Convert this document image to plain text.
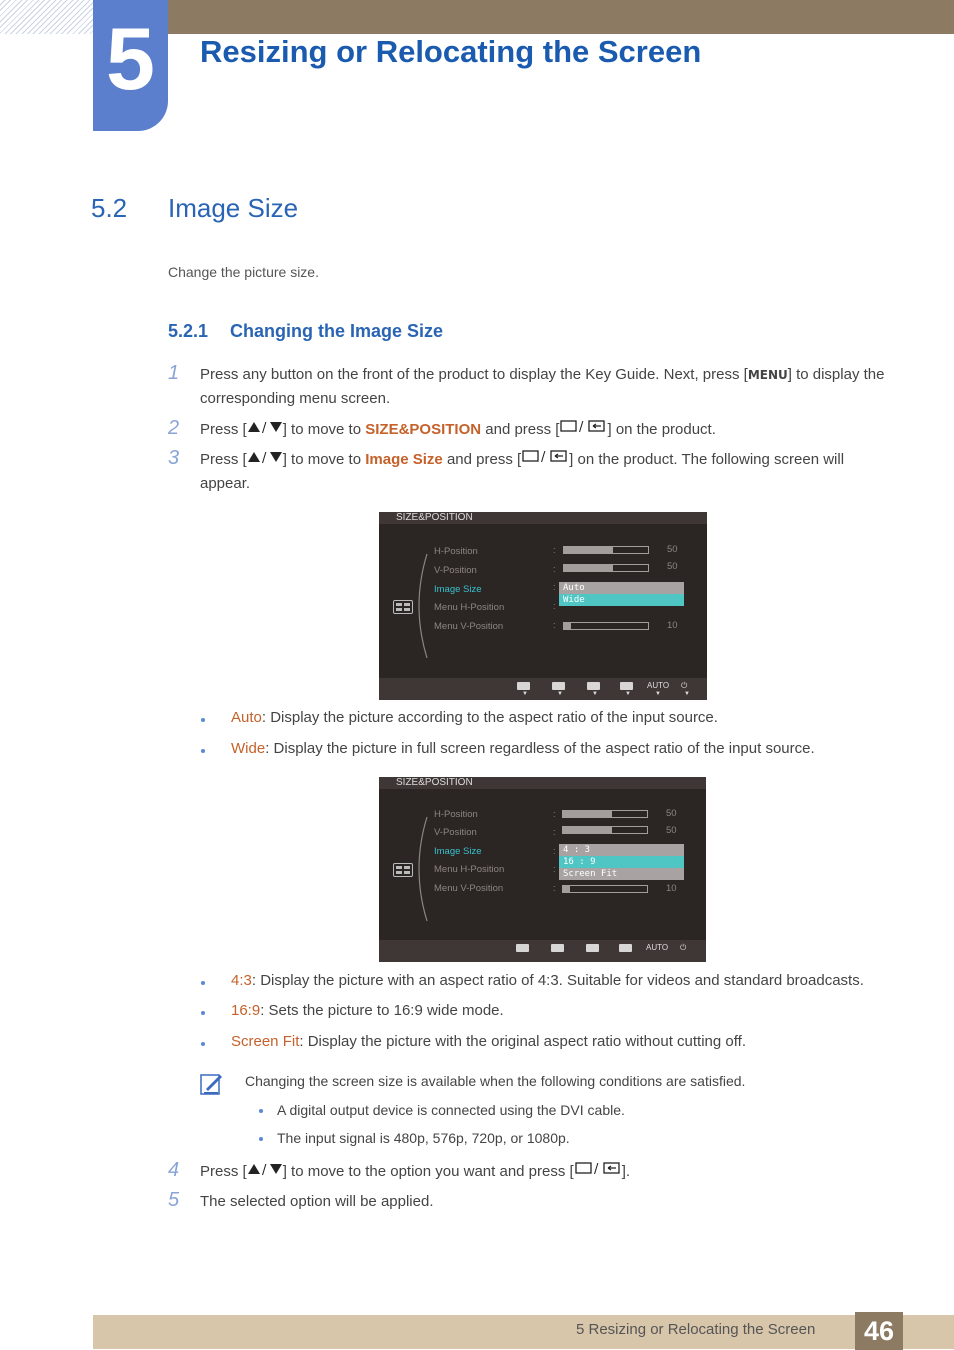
5	Resizing or Relocating the Screen
5.2 Image Size
Change the picture size.
5.2.1 Changing the Image Size
1 Press any button on the front of the product to display the Key Guide. Next, press [MENU] to display the corresponding menu screen.
2 Press [ / ] to move to SIZE&POSITION and press [ / ] on the product.
3 Press [ / ] to move to Image Size and press [ / ] on the product. The following screen will appear.
SIZE&POSITION
H-Position
V-Position
Image Size
Menu H-Position
Menu V-Position
:
:
:
:
:
50
50
10
Auto
Wide
▼	▼	▼	▼
AUTO
▼
⏻
▼
Auto: Display the picture according to the aspect ratio of the input source.
Wide: Display the picture in full screen regardless of the aspect ratio of the input source.
SIZE&POSITION
H-Position
V-Position
Image Size
Menu H-Position
Menu V-Position
:
:
:
:
:
50
50
10
4 : 3
16 : 9
Screen Fit
AUTO ⏻
4:3: Display the picture with an aspect ratio of 4:3. Suitable for videos and standard broadcasts.
16:9: Sets the picture to 16:9 wide mode.
Screen Fit: Display the picture with the original aspect ratio without cutting off.
Changing the screen size is available when the following conditions are satisfied.
A digital output device is connected using the DVI cable.
The input signal is 480p, 576p, 720p, or 1080p.
4 Press [ / ] to move to the option you want and press [ / ].
5 The selected option will be applied.
5 Resizing or Relocating the Screen	46
